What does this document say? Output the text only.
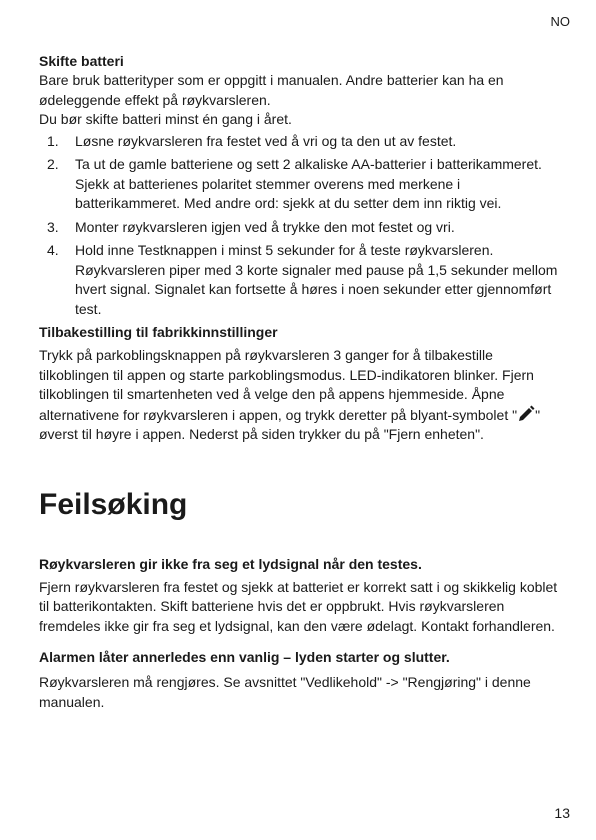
NO
Skifte batteri

Bare bruk batterityper som er oppgitt i manualen. Andre batterier kan ha en ødeleggende effekt på røykvarsleren.

Du bør skifte batteri minst én gang i året.

1. Løsne røykvarsleren fra festet ved å vri og ta den ut av festet.
2. Ta ut de gamle batteriene og sett 2 alkaliske AA-batterier i batterikammeret. Sjekk at batterienes polaritet stemmer overens med merkene i batterikammeret. Med andre ord: sjekk at du setter dem inn riktig vei.
3. Monter røykvarsleren igjen ved å trykke den mot festet og vri.
4. Hold inne Testknappen i minst 5 sekunder for å teste røykvarsleren. Røykvarsleren piper med 3 korte signaler med pause på 1,5 sekunder mellom hvert signal. Signalet kan fortsette å høres i noen sekunder etter gjennomført test.
Tilbakestilling til fabrikkinnstillinger

Trykk på parkoblingsknappen på røykvarsleren 3 ganger for å tilbakestille tilkoblingen til appen og starte parkoblingsmodus. LED-indikatoren blinker. Fjern tilkoblingen til smartenheten ved å velge den på appens hjemmeside. Åpne alternativene for røykvarsleren i appen, og trykk deretter på blyant-symbolet " " øverst til høyre i appen. Nederst på siden trykker du på "Fjern enheten".

Feilsøking
Røykvarsleren gir ikke fra seg et lydsignal når den testes.

Fjern røykvarsleren fra festet og sjekk at batteriet er korrekt satt i og skikkelig koblet til batterikontakten. Skift batteriene hvis det er oppbrukt. Hvis røykvarsleren fremdeles ikke gir fra seg et lydsignal, kan den være ødelagt. Kontakt forhandleren.

Alarmen låter annerledes enn vanlig – lyden starter og slutter.

Røykvarsleren må rengjøres. Se avsnittet "Vedlikehold" -> "Rengjøring" i denne manualen.

13
